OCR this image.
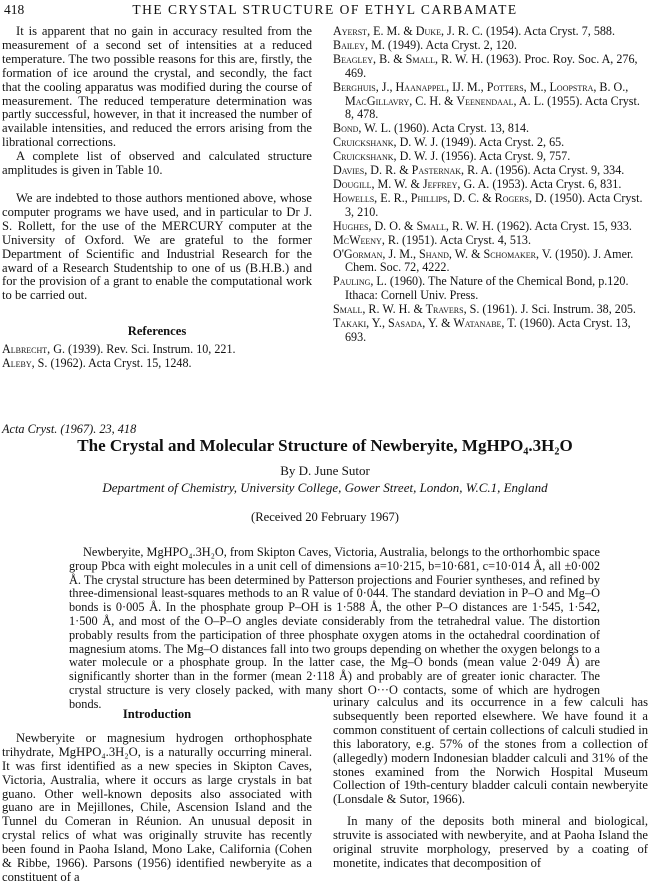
418	THE CRYSTAL STRUCTURE OF ETHYL CARBAMATE

It is apparent that no gain in accuracy resulted from the measurement of a second set of intensities at a reduced temperature. The two possible reasons for this are, firstly, the formation of ice around the crystal, and secondly, the fact that the cooling apparatus was modified during the course of measurement. The reduced temperature determination was partly successful, however, in that it increased the number of available intensities, and reduced the errors arising from the librational corrections.

A complete list of observed and calculated structure amplitudes is given in Table 10.

We are indebted to those authors mentioned above, whose computer programs we have used, and in particular to Dr J. S. Rollett, for the use of the MERCURY computer at the University of Oxford. We are grateful to the former Department of Scientific and Industrial Research for the award of a Research Studentship to one of us (B.H.B.) and for the provision of a grant to enable the computational work to be carried out.

References

Albrecht, G. (1939). Rev. Sci. Instrum. 10, 221.

Aleby, S. (1962). Acta Cryst. 15, 1248.

Ayerst, E. M. & Duke, J. R. C. (1954). Acta Cryst. 7, 588.

Bailey, M. (1949). Acta Cryst. 2, 120.

Beagley, B. & Small, R. W. H. (1963). Proc. Roy. Soc. A, 276, 469.

Berghuis, J., Haanappel, IJ. M., Potters, M., Loopstra, B. O., MacGillavry, C. H. & Veenendaal, A. L. (1955). Acta Cryst. 8, 478.

Bond, W. L. (1960). Acta Cryst. 13, 814.

Cruickshank, D. W. J. (1949). Acta Cryst. 2, 65.

Cruickshank, D. W. J. (1956). Acta Cryst. 9, 757.

Davies, D. R. & Pasternak, R. A. (1956). Acta Cryst. 9, 334.

Dougill, M. W. & Jeffrey, G. A. (1953). Acta Cryst. 6, 831.

Howells, E. R., Phillips, D. C. & Rogers, D. (1950). Acta Cryst. 3, 210.

Hughes, D. O. & Small, R. W. H. (1962). Acta Cryst. 15, 933.

McWeeny, R. (1951). Acta Cryst. 4, 513.

O'Gorman, J. M., Shand, W. & Schomaker, V. (1950). J. Amer. Chem. Soc. 72, 4222.

Pauling, L. (1960). The Nature of the Chemical Bond, p.120. Ithaca: Cornell Univ. Press.

Small, R. W. H. & Travers, S. (1961). J. Sci. Instrum. 38, 205.

Takaki, Y., Sasada, Y. & Watanabe, T. (1960). Acta Cryst. 13, 693.

Acta Cryst. (1967). 23, 418
The Crystal and Molecular Structure of Newberyite, MgHPO₄.3H₂O
By D. June Sutor
Department of Chemistry, University College, Gower Street, London, W.C.1, England
(Received 20 February 1967)

Newberyite, MgHPO₄.3H₂O, from Skipton Caves, Victoria, Australia, belongs to the orthorhombic space group Pbca with eight molecules in a unit cell of dimensions a=10·215, b=10·681, c=10·014 Å, all ±0·002 Å. The crystal structure has been determined by Patterson projections and Fourier syntheses, and refined by three-dimensional least-squares methods to an R value of 0·044. The standard deviation in P–O and Mg–O bonds is 0·005 Å. In the phosphate group P–OH is 1·588 Å, the other P–O distances are 1·545, 1·542, 1·500 Å, and most of the O–P–O angles deviate considerably from the tetrahedral value. The distortion probably results from the participation of three phosphate oxygen atoms in the octahedral coordination of magnesium atoms. The Mg–O distances fall into two groups depending on whether the oxygen belongs to a water molecule or a phosphate group. In the latter case, the Mg–O bonds (mean value 2·049 Å) are significantly shorter than in the former (mean 2·118 Å) and probably are of greater ionic character. The crystal structure is very closely packed, with many short O···O contacts, some of which are hydrogen bonds.

Introduction

Newberyite or magnesium hydrogen orthophosphate trihydrate, MgHPO₄.3H₂O, is a naturally occurring mineral. It was first identified as a new species in Skipton Caves, Victoria, Australia, where it occurs as large crystals in bat guano. Other well-known deposits also associated with guano are in Mejillones, Chile, Ascension Island and the Tunnel du Comeran in Réunion. An unusual deposit in crystal relics of what was originally struvite has recently been found in Paoha Island, Mono Lake, California (Cohen & Ribbe, 1966). Parsons (1956) identified newberyite as a constituent of a

urinary calculus and its occurrence in a few calculi has subsequently been reported elsewhere. We have found it a common constituent of certain collections of calculi studied in this laboratory, e.g. 57% of the stones from a collection of (allegedly) modern Indonesian bladder calculi and 31% of the stones examined from the Norwich Hospital Museum Collection of 19th-century bladder calculi contain newberyite (Lonsdale & Sutor, 1966).

In many of the deposits both mineral and biological, struvite is associated with newberyite, and at Paoha Island the original struvite morphology, preserved by a coating of monetite, indicates that decomposition of
